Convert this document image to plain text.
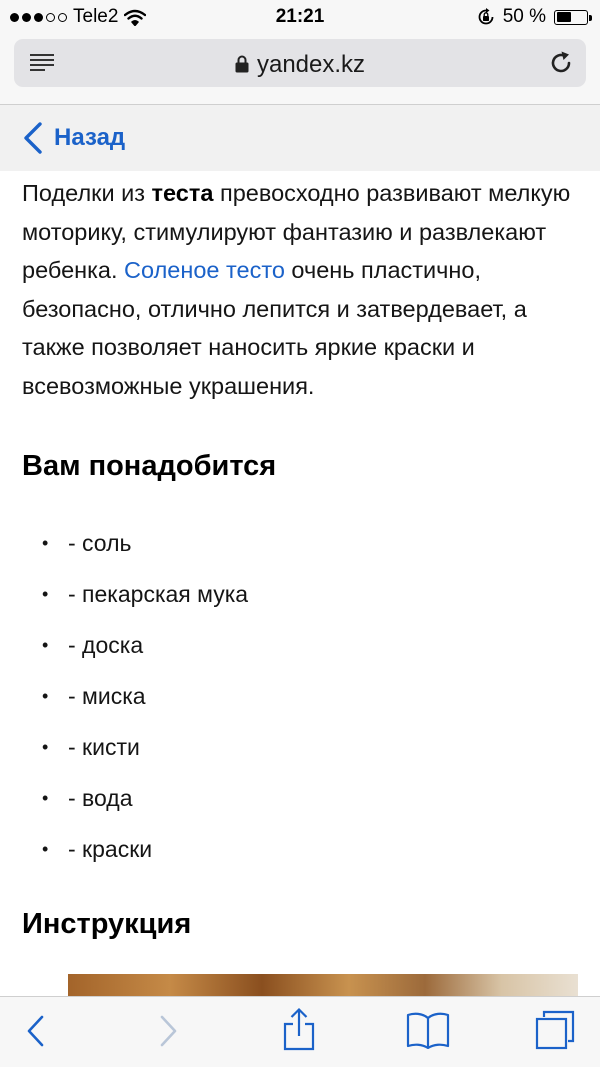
Tele2	21:21	50 %
yandex.kz
Назад

Поделки из теста превосходно развивают мелкую моторику, стимулируют фантазию и развлекают ребенка. Соленое тесто очень пластично, безопасно, отлично лепится и затвердевает, а также позволяет наносить яркие краски и всевозможные украшения.

Вам понадобится
• - соль
• - пекарская мука
• - доска
• - миска
• - кисти
• - вода
• - краски
Инструкция
